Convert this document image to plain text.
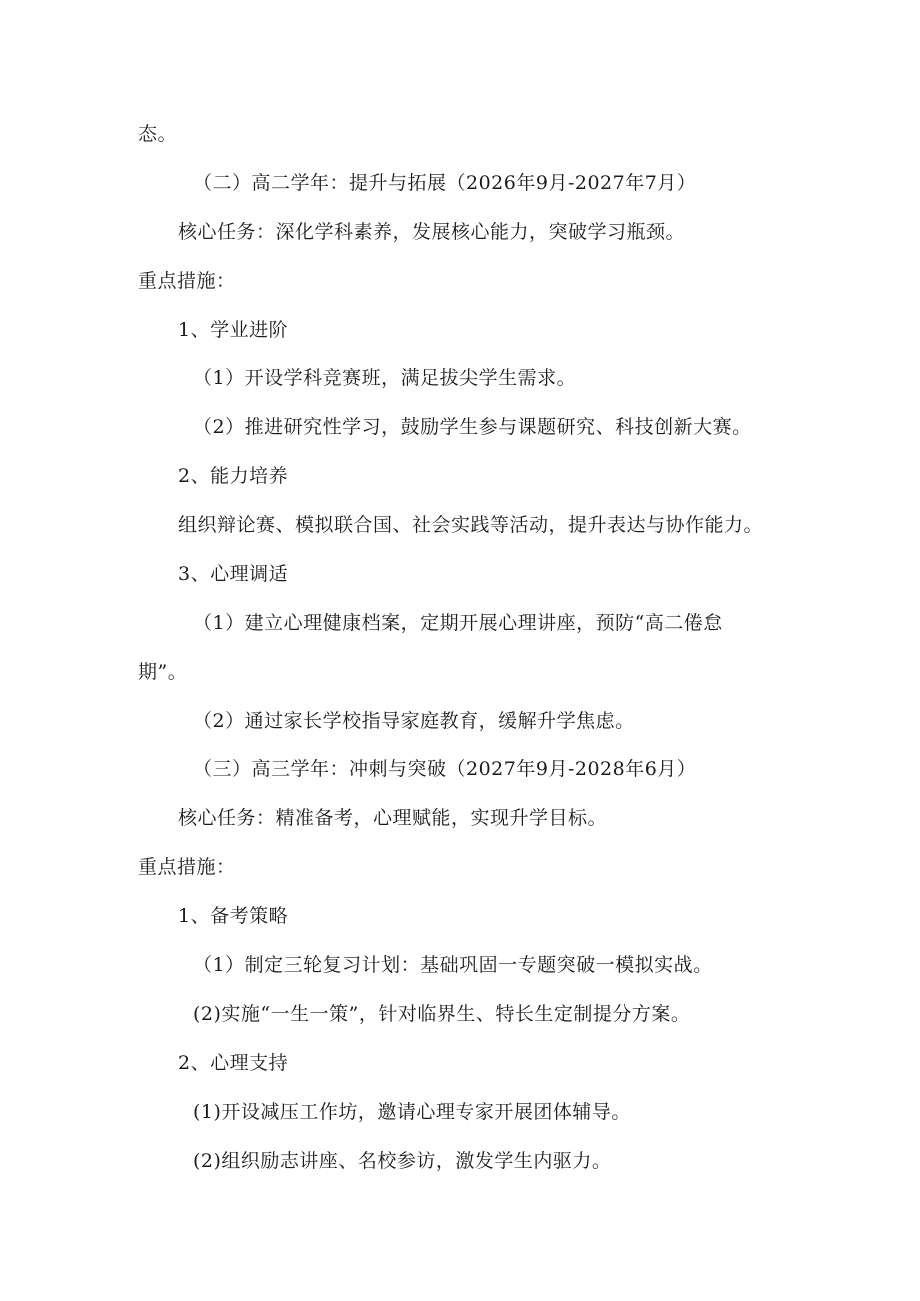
态。
（二）高二学年：提升与拓展（2026年9月-2027年7月）
核心任务：深化学科素养，发展核心能力，突破学习瓶颈。
重点措施：
1、学业进阶
（1）开设学科竞赛班，满足拔尖学生需求。
（2）推进研究性学习，鼓励学生参与课题研究、科技创新大赛。
2、能力培养
组织辩论赛、模拟联合国、社会实践等活动，提升表达与协作能力。
3、心理调适
（1）建立心理健康档案，定期开展心理讲座，预防“高二倦怠
期”。
（2）通过家长学校指导家庭教育，缓解升学焦虑。
（三）高三学年：冲刺与突破（2027年9月-2028年6月）
核心任务：精准备考，心理赋能，实现升学目标。
重点措施：
1、备考策略
（1）制定三轮复习计划：基础巩固一专题突破一模拟实战。
(2)实施“一生一策”，针对临界生、特长生定制提分方案。
2、心理支持
(1)开设减压工作坊，邀请心理专家开展团体辅导。
(2)组织励志讲座、名校参访，激发学生内驱力。
